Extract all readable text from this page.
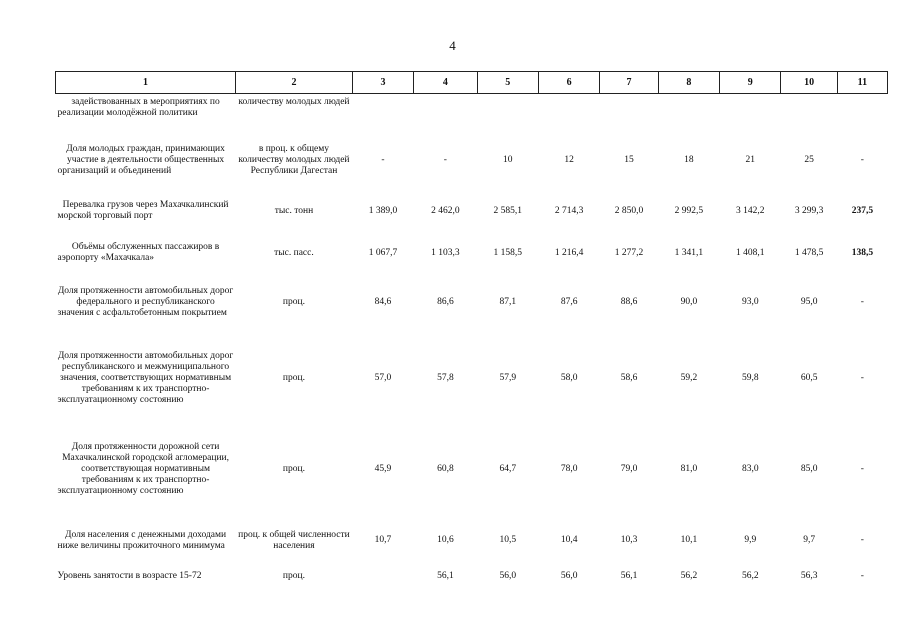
4
1	2	3	4	5	6	7	8	9	10	11
задействованных в мероприятиях по реализации молодёжной политики	количеству молодых людей									
Доля молодых граждан, принимающих участие в деятельности общественных организаций и объединений	в проц. к общему количеству молодых людей Республики Дагестан	-	-	10	12	15	18	21	25	-
Перевалка грузов через Махачкалинский морской торговый порт	тыс. тонн	1 389,0	2 462,0	2 585,1	2 714,3	2 850,0	2 992,5	3 142,2	3 299,3	237,5
Объёмы обслуженных пассажиров в аэропорту «Махачкала»	тыс. пасс.	1 067,7	1 103,3	1 158,5	1 216,4	1 277,2	1 341,1	1 408,1	1 478,5	138,5
Доля протяженности автомобильных дорог федерального и республиканского значения с асфальтобетонным покрытием	проц.	84,6	86,6	87,1	87,6	88,6	90,0	93,0	95,0	-
Доля протяженности автомобильных дорог республиканского и межмуниципального значения, соответствующих нормативным требованиям к их транспортно-эксплуатационному состоянию	проц.	57,0	57,8	57,9	58,0	58,6	59,2	59,8	60,5	-
Доля протяженности дорожной сети Махачкалинской городской агломерации, соответствующая нормативным требованиям к их транспортно-эксплуатационному состоянию	проц.	45,9	60,8	64,7	78,0	79,0	81,0	83,0	85,0	-
Доля населения с денежными доходами ниже величины прожиточного минимума	проц. к общей численности населения	10,7	10,6	10,5	10,4	10,3	10,1	9,9	9,7	-
Уровень занятости в возрасте 15-72	проц.		56,1	56,0	56,0	56,1	56,2	56,2	56,3	-
